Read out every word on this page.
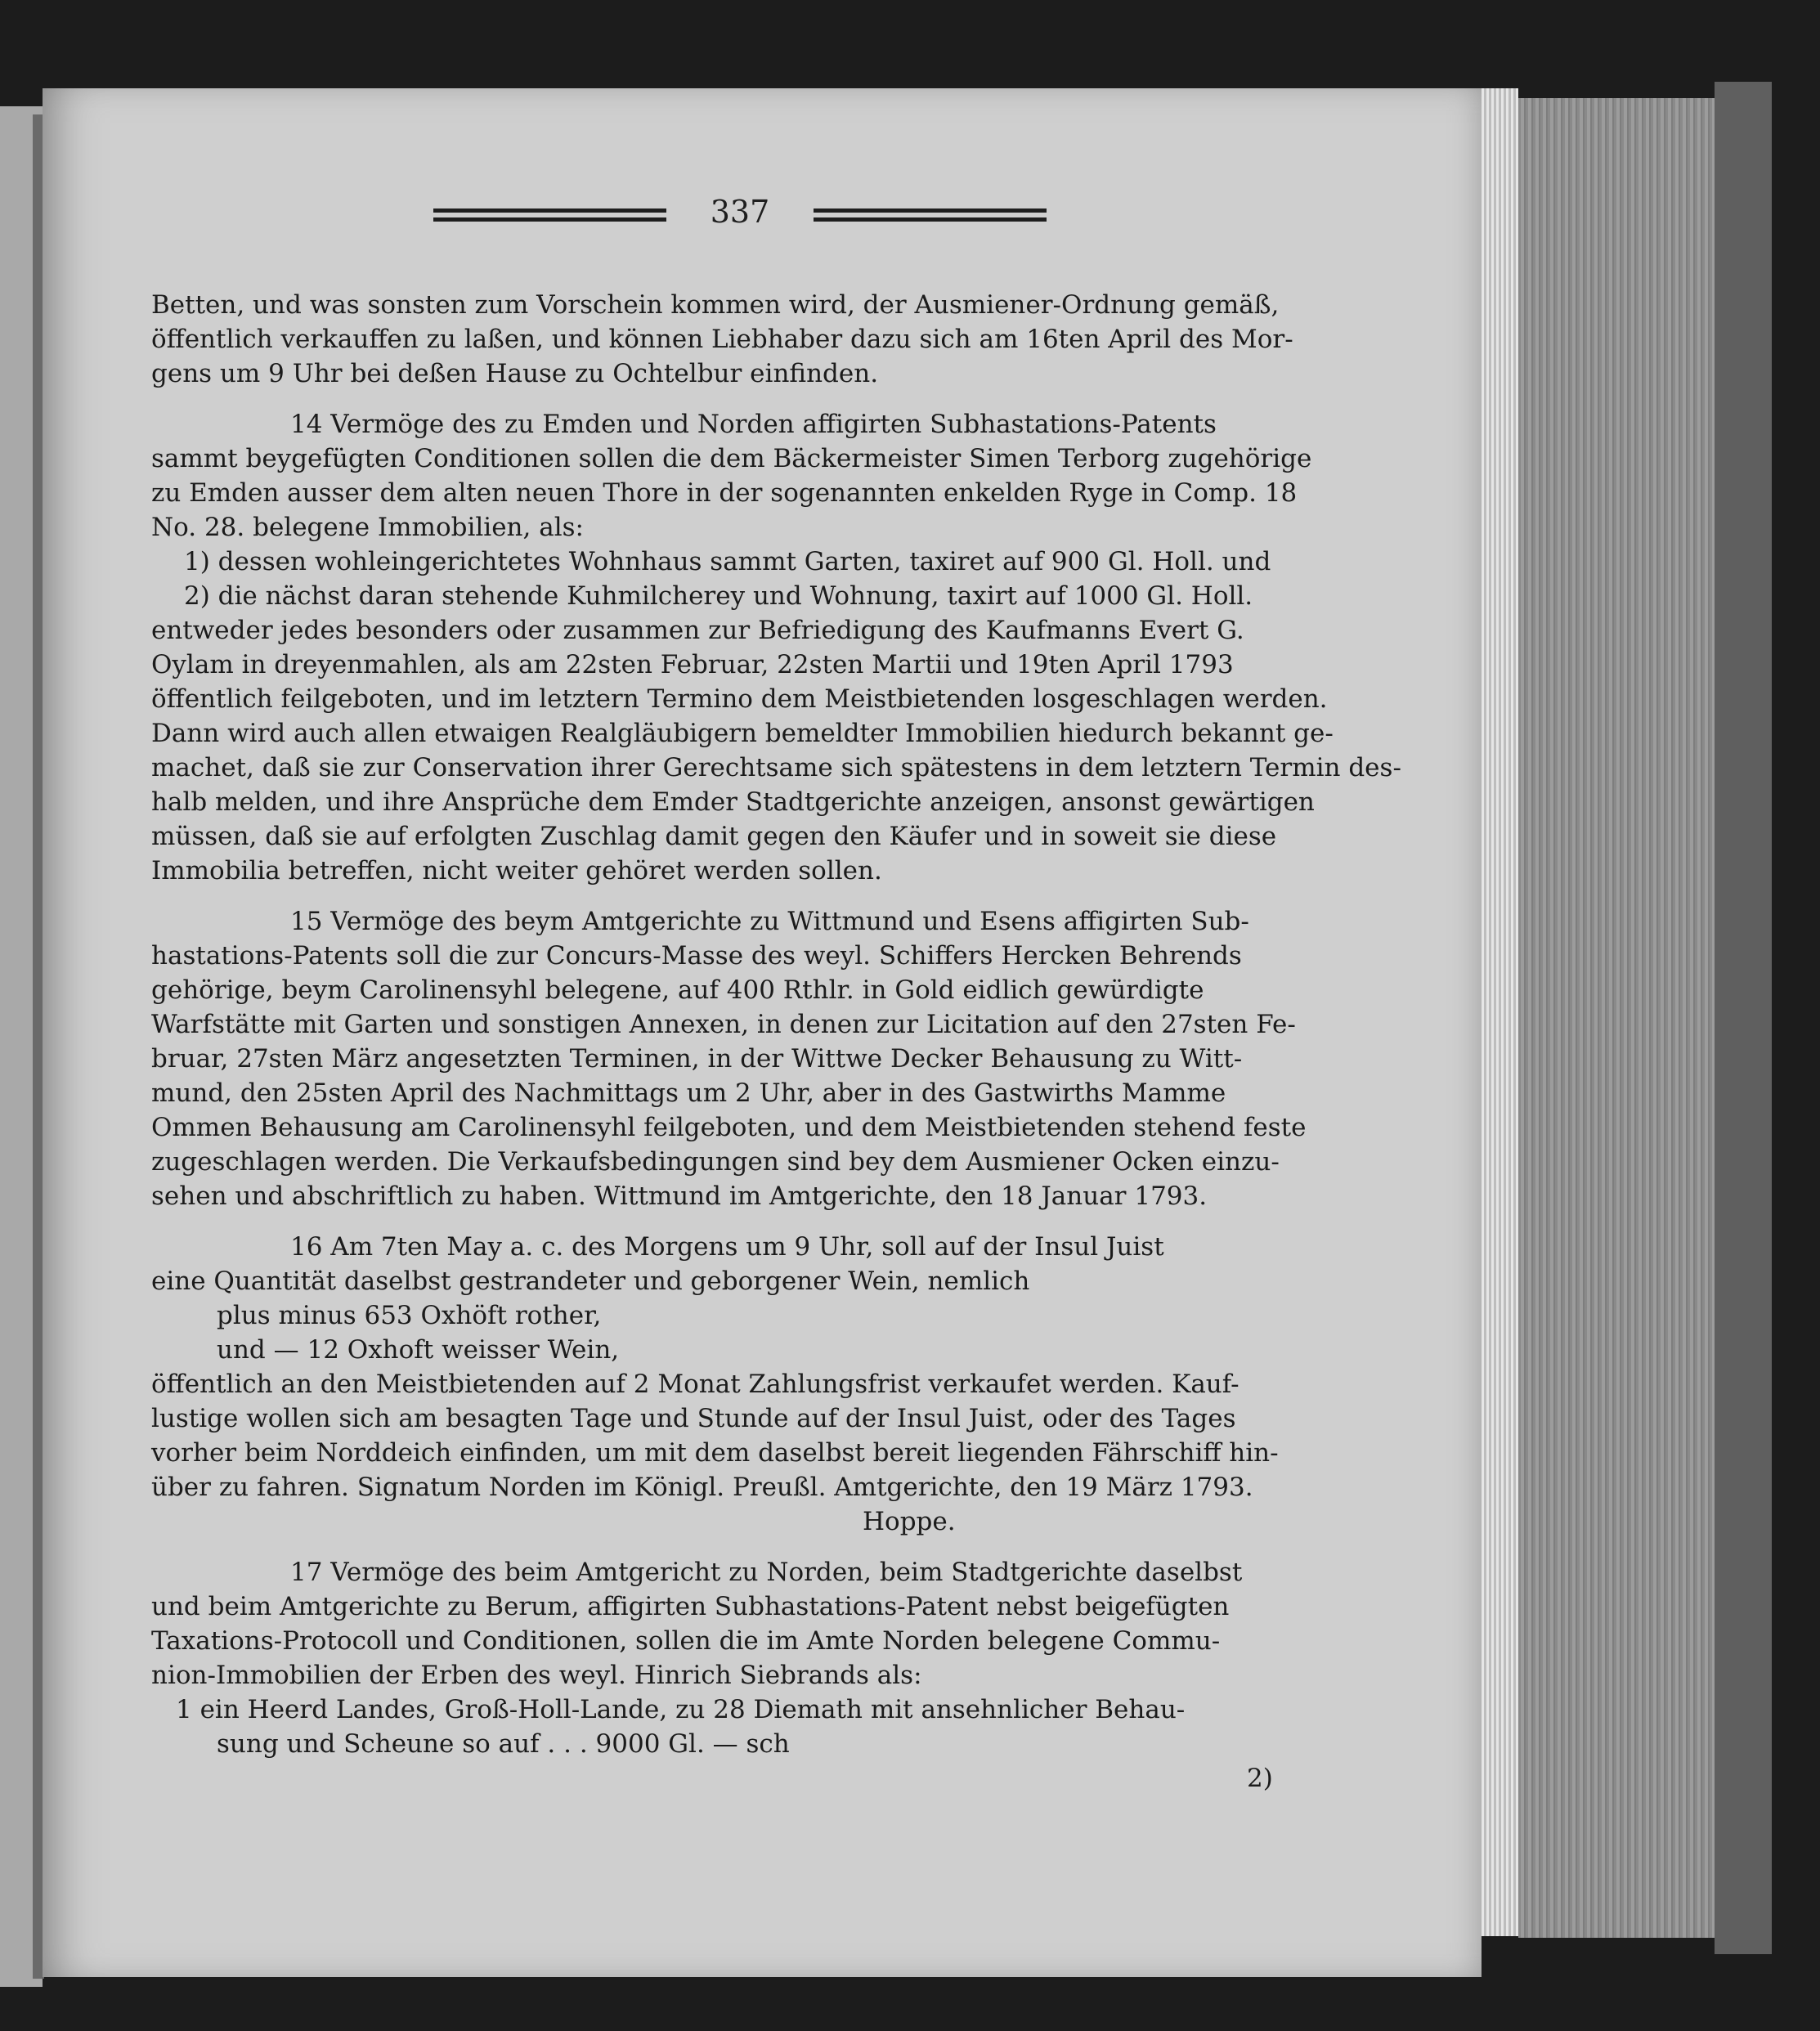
337
Betten, und was sonsten zum Vorschein kommen wird, der Ausmiener-Ordnung gemäß,
öffentlich verkauffen zu laßen, und können Liebhaber dazu sich am 16ten April des Mor-
gens um 9 Uhr bei deßen Hause zu Ochtelbur einfinden.
14 Vermöge des zu Emden und Norden affigirten Subhastations-Patents
sammt beygefügten Conditionen sollen die dem Bäckermeister Simen Terborg zugehörige
zu Emden ausser dem alten neuen Thore in der sogenannten enkelden Ryge in Comp. 18
No. 28. belegene Immobilien, als:
1) dessen wohleingerichtetes Wohnhaus sammt Garten, taxiret auf 900 Gl. Holl. und
2) die nächst daran stehende Kuhmilcherey und Wohnung, taxirt auf 1000 Gl. Holl.
entweder jedes besonders oder zusammen zur Befriedigung des Kaufmanns Evert G.
Oylam in dreyenmahlen, als am 22sten Februar, 22sten Martii und 19ten April 1793
öffentlich feilgeboten, und im letztern Termino dem Meistbietenden losgeschlagen werden.
Dann wird auch allen etwaigen Realgläubigern bemeldter Immobilien hiedurch bekannt ge-
machet, daß sie zur Conservation ihrer Gerechtsame sich spätestens in dem letztern Termin des-
halb melden, und ihre Ansprüche dem Emder Stadtgerichte anzeigen, ansonst gewärtigen
müssen, daß sie auf erfolgten Zuschlag damit gegen den Käufer und in soweit sie diese
Immobilia betreffen, nicht weiter gehöret werden sollen.
15 Vermöge des beym Amtgerichte zu Wittmund und Esens affigirten Sub-
hastations-Patents soll die zur Concurs-Masse des weyl. Schiffers Hercken Behrends
gehörige, beym Carolinensyhl belegene, auf 400 Rthlr. in Gold eidlich gewürdigte
Warfstätte mit Garten und sonstigen Annexen, in denen zur Licitation auf den 27sten Fe-
bruar, 27sten März angesetzten Terminen, in der Wittwe Decker Behausung zu Witt-
mund, den 25sten April des Nachmittags um 2 Uhr, aber in des Gastwirths Mamme
Ommen Behausung am Carolinensyhl feilgeboten, und dem Meistbietenden stehend feste
zugeschlagen werden. Die Verkaufsbedingungen sind bey dem Ausmiener Ocken einzu-
sehen und abschriftlich zu haben. Wittmund im Amtgerichte, den 18 Januar 1793.
16 Am 7ten May a. c. des Morgens um 9 Uhr, soll auf der Insul Juist
eine Quantität daselbst gestrandeter und geborgener Wein, nemlich
plus minus 653 Oxhöft rother,
und — 12 Oxhoft weisser Wein,
öffentlich an den Meistbietenden auf 2 Monat Zahlungsfrist verkaufet werden. Kauf-
lustige wollen sich am besagten Tage und Stunde auf der Insul Juist, oder des Tages
vorher beim Norddeich einfinden, um mit dem daselbst bereit liegenden Fährschiff hin-
über zu fahren. Signatum Norden im Königl. Preußl. Amtgerichte, den 19 März 1793.
Hoppe.
17 Vermöge des beim Amtgericht zu Norden, beim Stadtgerichte daselbst
und beim Amtgerichte zu Berum, affigirten Subhastations-Patent nebst beigefügten
Taxations-Protocoll und Conditionen, sollen die im Amte Norden belegene Commu-
nion-Immobilien der Erben des weyl. Hinrich Siebrands als:
1 ein Heerd Landes, Groß-Holl-Lande, zu 28 Diemath mit ansehnlicher Behau-
sung und Scheune so auf . . . 9000 Gl. — sch
2)
